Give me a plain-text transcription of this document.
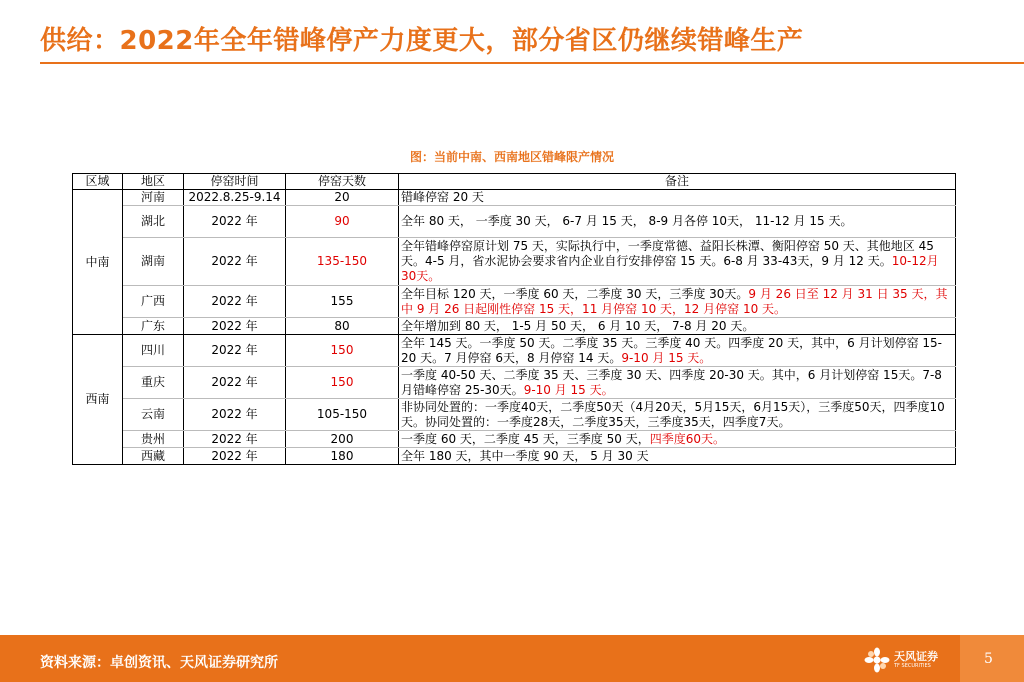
供给：2022年全年错峰停产力度更大，部分省区仍继续错峰生产
图：当前中南、西南地区错峰限产情况
区域	地区	停窑时间	停窑天数	备注
中南	河南	2022.8.25-9.14	20	错峰停窑 20 天
	湖北	2022 年	90	全年 80 天， 一季度 30 天， 6-7 月 15 天， 8-9 月各停 10天， 11-12 月 15 天。
	湖南	2022 年	135-150	全年错峰停窑原计划 75 天，实际执行中，一季度常德、益阳长株潭、衡阳停窑 50 天、其他地区 45 天。4-5 月，省水泥协会要求省内企业自行安排停窑 15 天。6-8 月 33-43天，9 月 12 天。10-12月30天。
	广西	2022 年	155	全年目标 120 天，一季度 60 天，二季度 30 天，三季度 30天。9 月 26 日至 12 月 31 日 35 天，其中 9 月 26 日起刚性停窑 15 天，11 月停窑 10 天，12 月停窑 10 天。
	广东	2022 年	80	全年增加到 80 天， 1-5 月 50 天， 6 月 10 天， 7-8 月 20 天。
西南	四川	2022 年	150	全年 145 天。一季度 50 天。二季度 35 天。三季度 40 天。四季度 20 天，其中，6 月计划停窑 15-20 天。7 月停窑 6天，8 月停窑 14 天。9-10 月 15 天。
	重庆	2022 年	150	一季度 40-50 天、二季度 35 天、三季度 30 天、四季度 20-30 天。其中，6 月计划停窑 15天。7-8 月错峰停窑 25-30天。9-10 月 15 天。
	云南	2022 年	105-150	非协同处置的：一季度40天，二季度50天（4月20天，5月15天，6月15天），三季度50天，四季度10天。协同处置的：一季度28天，二季度35天，三季度35天，四季度7天。
	贵州	2022 年	200	一季度 60 天，二季度 45 天，三季度 50 天，四季度60天。
	西藏	2022 年	180	全年 180 天，其中一季度 90 天， 5 月 30 天
资料来源：卓创资讯、天风证券研究所	天风证券
TF SECURITIES	5
